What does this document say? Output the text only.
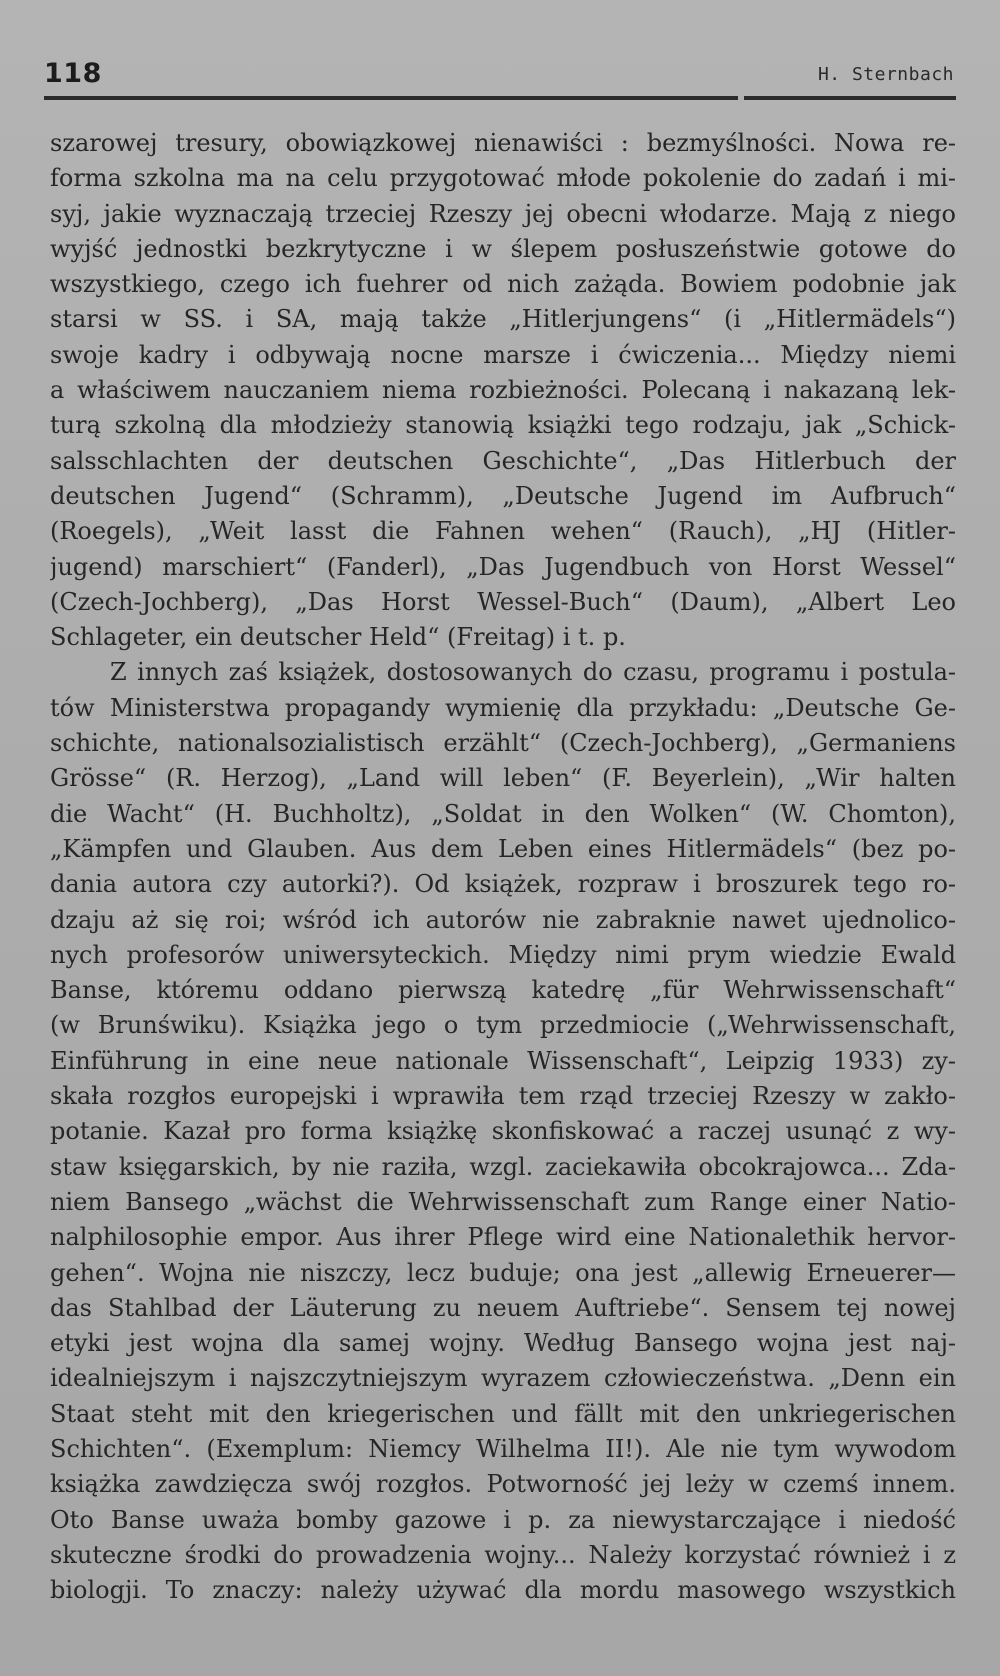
118	H. Sternbach
szarowej tresury, obowiązkowej nienawiści : bezmyślności. Nowa re-
forma szkolna ma na celu przygotować młode pokolenie do zadań i mi-
syj, jakie wyznaczają trzeciej Rzeszy jej obecni włodarze. Mają z niego
wyjść jednostki bezkrytyczne i w ślepem posłuszeństwie gotowe do
wszystkiego, czego ich fuehrer od nich zażąda. Bowiem podobnie jak
starsi w SS. i SA, mają także „Hitlerjungens“ (i „Hitlermädels“)
swoje kadry i odbywają nocne marsze i ćwiczenia... Między niemi
a właściwem nauczaniem niema rozbieżności. Polecaną i nakazaną lek-
turą szkolną dla młodzieży stanowią książki tego rodzaju, jak „Schick-
salsschlachten der deutschen Geschichte“, „Das Hitlerbuch der
deutschen Jugend“ (Schramm), „Deutsche Jugend im Aufbruch“
(Roegels), „Weit lasst die Fahnen wehen“ (Rauch), „HJ (Hitler-
jugend) marschiert“ (Fanderl), „Das Jugendbuch von Horst Wessel“
(Czech-Jochberg), „Das Horst Wessel-Buch“ (Daum), „Albert Leo
Schlageter, ein deutscher Held“ (Freitag) i t. p.
Z innych zaś książek, dostosowanych do czasu, programu i postula-
tów Ministerstwa propagandy wymienię dla przykładu: „Deutsche Ge-
schichte, nationalsozialistisch erzählt“ (Czech-Jochberg), „Germaniens
Grösse“ (R. Herzog), „Land will leben“ (F. Beyerlein), „Wir halten
die Wacht“ (H. Buchholtz), „Soldat in den Wolken“ (W. Chomton),
„Kämpfen und Glauben. Aus dem Leben eines Hitlermädels“ (bez po-
dania autora czy autorki?). Od książek, rozpraw i broszurek tego ro-
dzaju aż się roi; wśród ich autorów nie zabraknie nawet ujednolico-
nych profesorów uniwersyteckich. Między nimi prym wiedzie Ewald
Banse, któremu oddano pierwszą katedrę „für Wehrwissenschaft“
(w Brunświku). Książka jego o tym przedmiocie („Wehrwissenschaft,
Einführung in eine neue nationale Wissenschaft“, Leipzig 1933) zy-
skała rozgłos europejski i wprawiła tem rząd trzeciej Rzeszy w zakło-
potanie. Kazał pro forma książkę skonfiskować a raczej usunąć z wy-
staw księgarskich, by nie raziła, wzgl. zaciekawiła obcokrajowca... Zda-
niem Bansego „wächst die Wehrwissenschaft zum Range einer Natio-
nalphilosophie empor. Aus ihrer Pflege wird eine Nationalethik hervor-
gehen“. Wojna nie niszczy, lecz buduje; ona jest „allewig Erneuerer—
das Stahlbad der Läuterung zu neuem Auftriebe“. Sensem tej nowej
etyki jest wojna dla samej wojny. Według Bansego wojna jest naj-
idealniejszym i najszczytniejszym wyrazem człowieczeństwa. „Denn ein
Staat steht mit den kriegerischen und fällt mit den unkriegerischen
Schichten“. (Exemplum: Niemcy Wilhelma II!). Ale nie tym wywodom
książka zawdzięcza swój rozgłos. Potworność jej leży w czemś innem.
Oto Banse uważa bomby gazowe i p. za niewystarczające i niedość
skuteczne środki do prowadzenia wojny... Należy korzystać również i z
biologji. To znaczy: należy używać dla mordu masowego wszystkich
